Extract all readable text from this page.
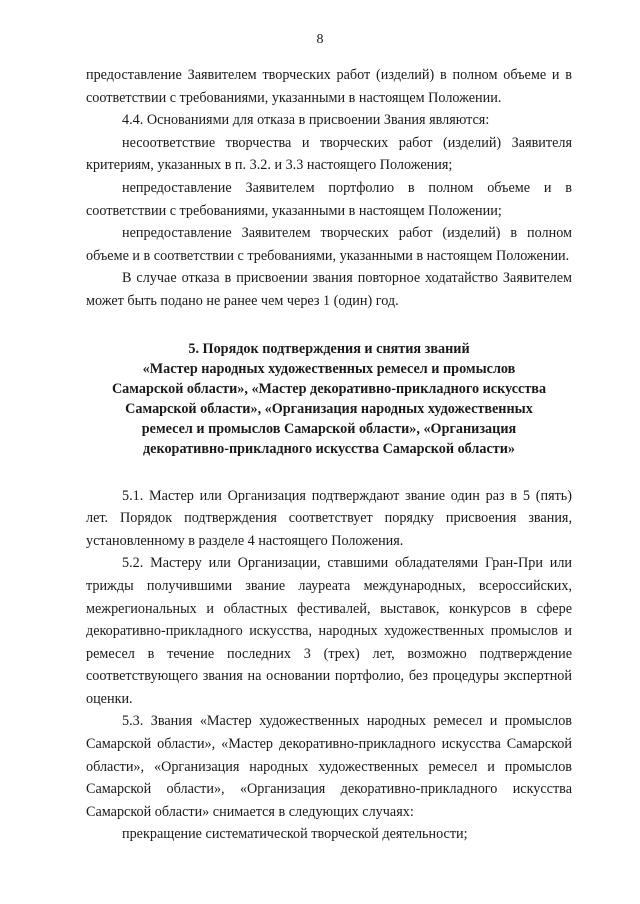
8

предоставление Заявителем творческих работ (изделий) в полном объеме и в соответствии с требованиями, указанными в настоящем Положении.

4.4. Основаниями для отказа в присвоении Звания являются:

несоответствие творчества и творческих работ (изделий) Заявителя критериям, указанных в п. 3.2. и 3.3 настоящего Положения;

непредоставление Заявителем портфолио в полном объеме и в соответствии с требованиями, указанными в настоящем Положении;

непредоставление Заявителем творческих работ (изделий) в полном объеме и в соответствии с требованиями, указанными в настоящем Положении.

В случае отказа в присвоении звания повторное ходатайство Заявителем может быть подано не ранее чем через 1 (один) год.

5. Порядок подтверждения и снятия званий

«Мастер народных художественных ремесел и промыслов

Самарской области», «Мастер декоративно-прикладного искусства

Самарской области», «Организация народных художественных

ремесел и промыслов Самарской области», «Организация

декоративно-прикладного искусства Самарской области»

5.1. Мастер или Организация подтверждают звание один раз в 5 (пять) лет. Порядок подтверждения соответствует порядку присвоения звания, установленному в разделе 4 настоящего Положения.

5.2. Мастеру или Организации, ставшими обладателями Гран-При или трижды получившими звание лауреата международных, всероссийских, межрегиональных и областных фестивалей, выставок, конкурсов в сфере декоративно-прикладного искусства, народных художественных промыслов и ремесел в течение последних 3 (трех) лет, возможно подтверждение соответствующего звания на основании портфолио, без процедуры экспертной оценки.

5.3. Звания «Мастер художественных народных ремесел и промыслов Самарской области», «Мастер декоративно-прикладного искусства Самарской области», «Организация народных художественных ремесел и промыслов Самарской области», «Организация декоративно-прикладного искусства Самарской области» снимается в следующих случаях:

прекращение систематической творческой деятельности;
